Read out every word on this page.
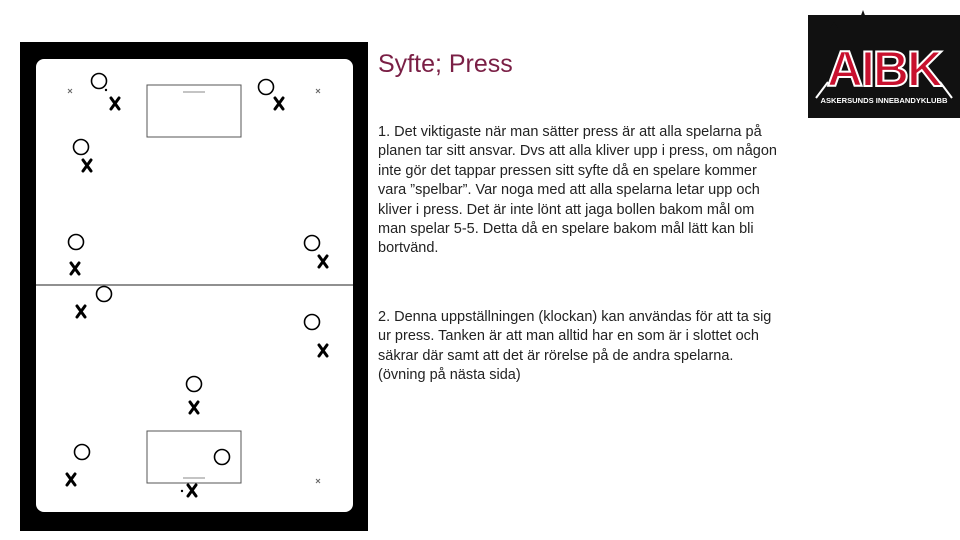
Syfte; Press

1. Det viktigaste när man sätter press är att alla spelarna på planen tar sitt ansvar. Dvs att alla kliver upp i press, om någon inte gör det tappar pressen sitt syfte då en spelare kommer vara ”spelbar”. Var noga med att alla spelarna letar upp och kliver i press. Det är inte lönt att jaga bollen bakom mål om man spelar 5-5. Detta då en spelare bakom mål lätt kan bli bortvänd.

2. Denna uppställningen (klockan) kan användas för att ta sig ur press. Tanken är att man alltid har en som är i slottet och säkrar där samt att det är rörelse på de andra spelarna.
(övning på nästa sida)

AIBK
ASKERSUNDS INNEBANDYKLUBB
